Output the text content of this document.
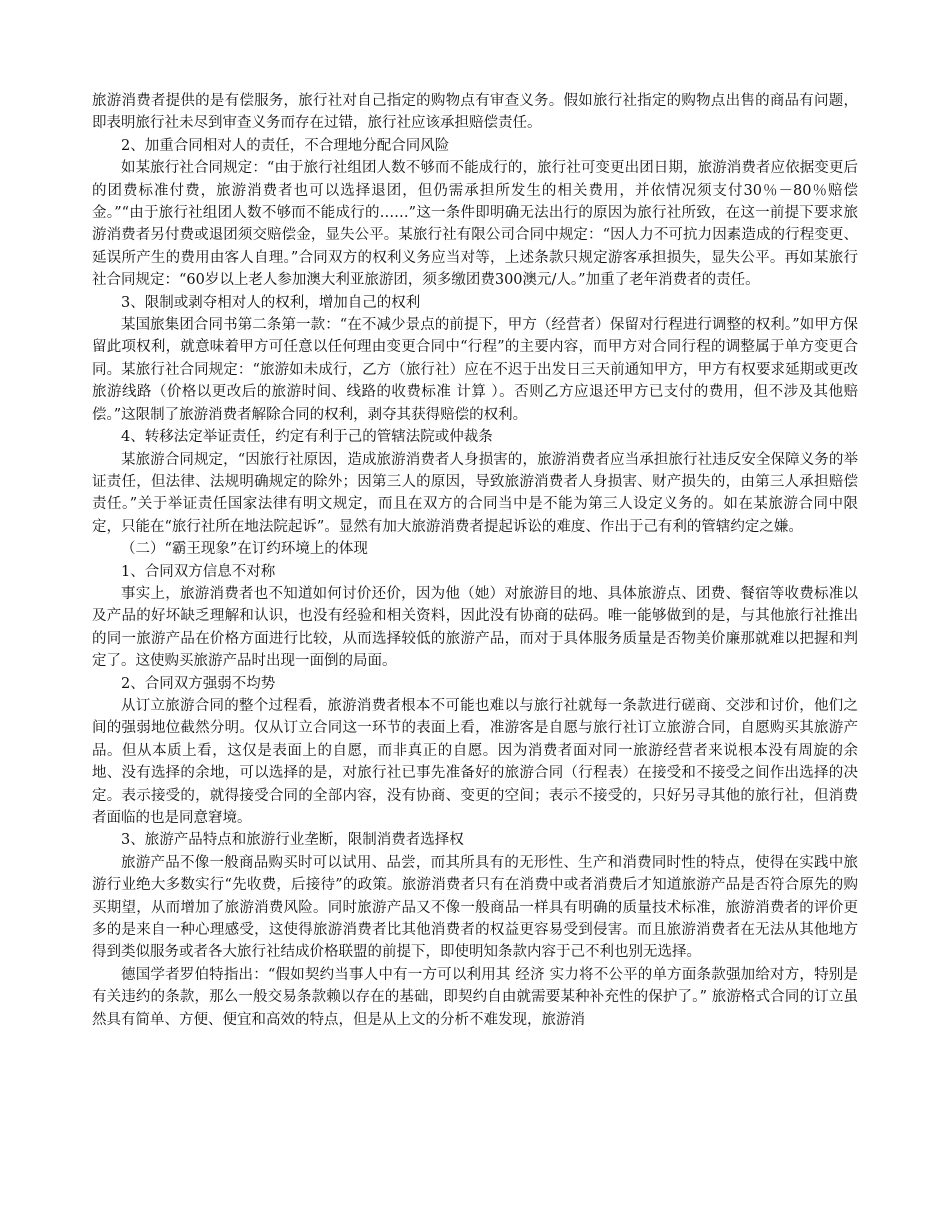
旅游消费者提供的是有偿服务，旅行社对自己指定的购物点有审查义务。假如旅行社指定的购物点出售的商品有问题，即表明旅行社未尽到审查义务而存在过错，旅行社应该承担赔偿责任。

2、加重合同相对人的责任，不合理地分配合同风险

如某旅行社合同规定：“由于旅行社组团人数不够而不能成行的，旅行社可变更出团日期，旅游消费者应依据变更后的团费标准付费，旅游消费者也可以选择退团，但仍需承担所发生的相关费用，并依情况须支付30％－80％赔偿金。”“由于旅行社组团人数不够而不能成行的……”这一条件即明确无法出行的原因为旅行社所致，在这一前提下要求旅游消费者另付费或退团须交赔偿金，显失公平。某旅行社有限公司合同中规定：“因人力不可抗力因素造成的行程变更、延误所产生的费用由客人自理。”合同双方的权利义务应当对等，上述条款只规定游客承担损失，显失公平。再如某旅行社合同规定：“60岁以上老人参加澳大利亚旅游团，须多缴团费300澳元/人。”加重了老年消费者的责任。

3、限制或剥夺相对人的权利，增加自己的权利

某国旅集团合同书第二条第一款：“在不减少景点的前提下，甲方（经营者）保留对行程进行调整的权利。”如甲方保留此项权利，就意味着甲方可任意以任何理由变更合同中“行程”的主要内容，而甲方对合同行程的调整属于单方变更合同。某旅行社合同规定：“旅游如未成行，乙方（旅行社）应在不迟于出发日三天前通知甲方，甲方有权要求延期或更改旅游线路（价格以更改后的旅游时间、线路的收费标准 计算 ）。否则乙方应退还甲方已支付的费用，但不涉及其他赔偿。”这限制了旅游消费者解除合同的权利，剥夺其获得赔偿的权利。

4、转移法定举证责任，约定有利于己的管辖法院或仲裁条

某旅游合同规定，“因旅行社原因，造成旅游消费者人身损害的，旅游消费者应当承担旅行社违反安全保障义务的举证责任，但法律、法规明确规定的除外；因第三人的原因，导致旅游消费者人身损害、财产损失的，由第三人承担赔偿责任。”关于举证责任国家法律有明文规定，而且在双方的合同当中是不能为第三人设定义务的。如在某旅游合同中限定，只能在“旅行社所在地法院起诉”。显然有加大旅游消费者提起诉讼的难度、作出于己有利的管辖约定之嫌。

（二）“霸王现象”在订约环境上的体现

1、合同双方信息不对称

事实上，旅游消费者也不知道如何讨价还价，因为他（她）对旅游目的地、具体旅游点、团费、餐宿等收费标准以及产品的好坏缺乏理解和认识，也没有经验和相关资料，因此没有协商的砝码。唯一能够做到的是，与其他旅行社推出的同一旅游产品在价格方面进行比较，从而选择较低的旅游产品，而对于具体服务质量是否物美价廉那就难以把握和判定了。这使购买旅游产品时出现一面倒的局面。

2、合同双方强弱不均势

从订立旅游合同的整个过程看，旅游消费者根本不可能也难以与旅行社就每一条款进行磋商、交涉和讨价，他们之间的强弱地位截然分明。仅从订立合同这一环节的表面上看，准游客是自愿与旅行社订立旅游合同，自愿购买其旅游产品。但从本质上看，这仅是表面上的自愿，而非真正的自愿。因为消费者面对同一旅游经营者来说根本没有周旋的余地、没有选择的余地，可以选择的是，对旅行社已事先准备好的旅游合同（行程表）在接受和不接受之间作出选择的决定。表示接受的，就得接受合同的全部内容，没有协商、变更的空间；表示不接受的，只好另寻其他的旅行社，但消费者面临的也是同意窘境。

3、旅游产品特点和旅游行业垄断，限制消费者选择权

旅游产品不像一般商品购买时可以试用、品尝，而其所具有的无形性、生产和消费同时性的特点，使得在实践中旅游行业绝大多数实行“先收费，后接待”的政策。旅游消费者只有在消费中或者消费后才知道旅游产品是否符合原先的购买期望，从而增加了旅游消费风险。同时旅游产品又不像一般商品一样具有明确的质量技术标准，旅游消费者的评价更多的是来自一种心理感受，这使得旅游消费者比其他消费者的权益更容易受到侵害。而且旅游消费者在无法从其他地方得到类似服务或者各大旅行社结成价格联盟的前提下，即使明知条款内容于己不利也别无选择。

德国学者罗伯特指出：“假如契约当事人中有一方可以利用其 经济 实力将不公平的单方面条款强加给对方，特别是有关违约的条款，那么一般交易条款赖以存在的基础，即契约自由就需要某种补充性的保护了。” 旅游格式合同的订立虽然具有简单、方便、便宜和高效的特点，但是从上文的分析不难发现，旅游消
